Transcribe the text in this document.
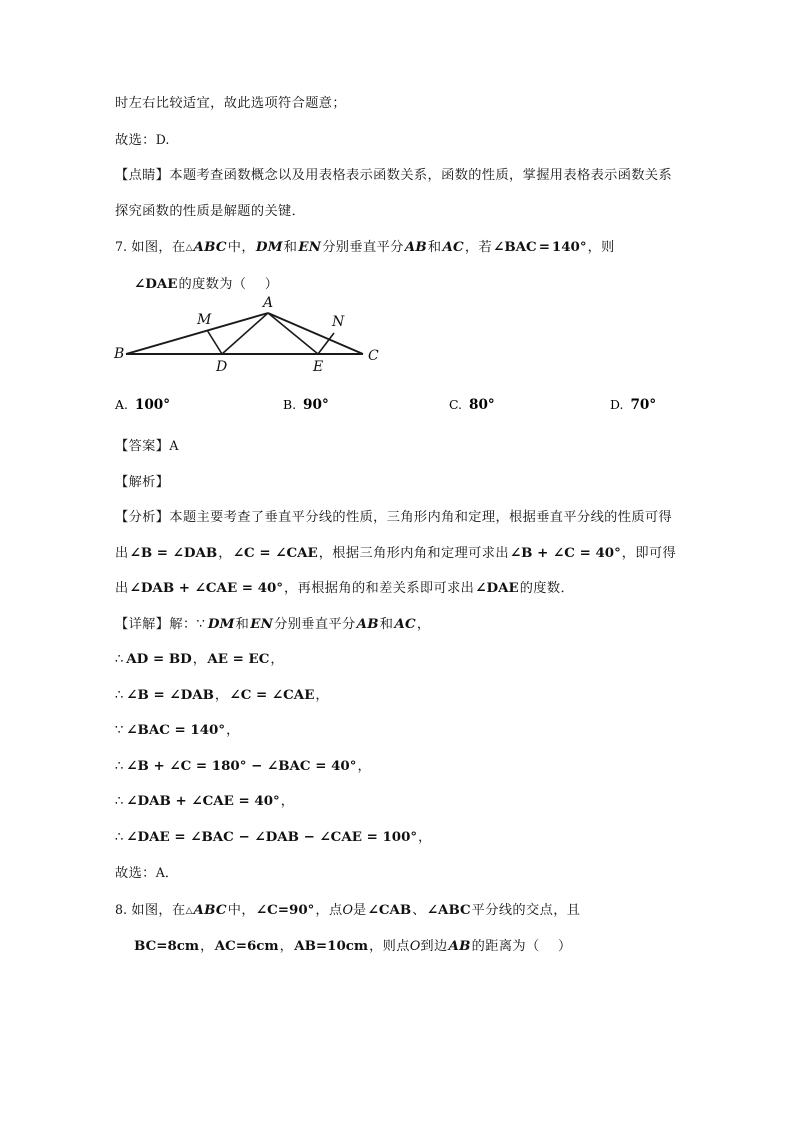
时左右比较适宜，故此选项符合题意；
故选：D.
【点睛】本题考查函数概念以及用表格表示函数关系，函数的性质，掌握用表格表示函数关系探究函数的性质是解题的关键．
7. 如图，在△ABC中，DM和EN分别垂直平分AB和AC，若∠BAC = 140°，则
∠DAE的度数为（ ）
A. 100°	B. 90°	C. 80°	D. 70°
【答案】A
【解析】
【分析】本题主要考查了垂直平分线的性质，三角形内角和定理，根据垂直平分线的性质可得出∠B = ∠DAB，∠C = ∠CAE，根据三角形内角和定理可求出∠B + ∠C = 40°，即可得出∠DAB + ∠CAE = 40°，再根据角的和差关系即可求出∠DAE的度数．
【详解】解：∵ DM和EN分别垂直平分AB和AC，
∴ AD = BD，AE = EC，
∴ ∠B = ∠DAB，∠C = ∠CAE，
∵ ∠BAC = 140°，
∴ ∠B + ∠C = 180° − ∠BAC = 40°，
∴ ∠DAB + ∠CAE = 40°，
∴ ∠DAE = ∠BAC − ∠DAB − ∠CAE = 100°，
故选：A．
8. 如图，在△ABC中，∠C=90°，点O是∠CAB、∠ABC平分线的交点，且
BC=8cm，AC=6cm，AB=10cm，则点O到边AB的距离为（ ）
B	C
A
M	N
D	E
